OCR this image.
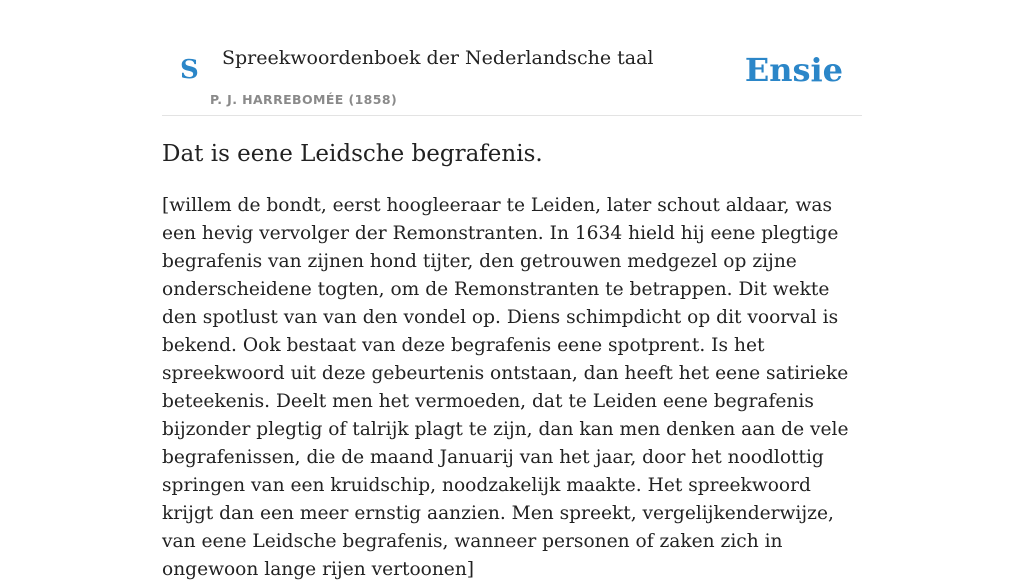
S Spreekwoordenboek der Nederlandsche taal
P. J. HARREBOMÉE (1858)
Ensie
Dat is eene Leidsche begrafenis.

[willem de bondt, eerst hoogleeraar te Leiden, later schout aldaar, was een hevig vervolger der Remonstranten. In 1634 hield hij eene plegtige begrafenis van zijnen hond tijter, den getrouwen medgezel op zijne onderscheidene togten, om de Remonstranten te betrappen. Dit wekte den spotlust van van den vondel op. Diens schimpdicht op dit voorval is bekend. Ook bestaat van deze begrafenis eene spotprent. Is het spreekwoord uit deze gebeurtenis ontstaan, dan heeft het eene satirieke beteekenis. Deelt men het vermoeden, dat te Leiden eene begrafenis bijzonder plegtig of talrijk plagt te zijn, dan kan men denken aan de vele begrafenissen, die de maand Januarij van het jaar, door het noodlottig springen van een kruidschip, noodzakelijk maakte. Het spreekwoord krijgt dan een meer ernstig aanzien. Men spreekt, vergelijkenderwijze, van eene Leidsche begrafenis, wanneer personen of zaken zich in ongewoon lange rijen vertoonen]
